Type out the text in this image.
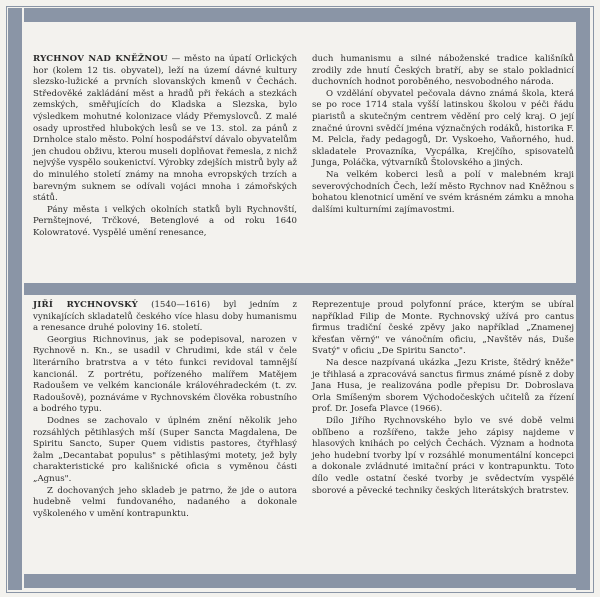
RYCHNOV NAD KNĚŽNOU — město na úpatí Orlických hor (kolem 12 tis. obyvatel), leží na území dávné kultury slezsko-lužické a prvních slovanských kmenů v Čechách. Středověké zakládání měst a hradů při řekách a stezkách zemských, směřujících do Kladska a Slezska, bylo výsledkem mohutné kolonizace vlády Přemyslovců. Z malé osady uprostřed hlubokých lesů se ve 13. stol. za pánů z Drnholce stalo město. Polní hospodářství dávalo obyvatelům jen chudou obživu, kterou museli doplňovat řemesla, z nichž nejvýše vyspělo soukenictví. Výrobky zdejších mistrů byly až do minulého století známy na mnoha evropských trzích a barevným suknem se odívali vojáci mnoha i zámořských států.

Pány města i velkých okolních statků byli Rychnovští, Pernštejnové, Trčkové, Betenglové a od roku 1640 Kolowratové. Vyspělé umění renesance,

duch humanismu a silné náboženské tradice kališníků zrodily zde hnutí Českých bratří, aby se stalo pokladnicí duchovních hodnot poroběného, nesvobodného národa.

O vzdělání obyvatel pečovala dávno známá škola, která se po roce 1714 stala vyšší latinskou školou v péči řádu piaristů a skutečným centrem vědění pro celý kraj. O její značné úrovni svědčí jména význačných rodáků, historika F. M. Pelcla, řady pedagogů, Dr. Vyskoeho, Vaňorného, hud. skladatele Provazníka, Vycpálka, Krejčího, spisovatelů Junga, Poláčka, výtvarníků Štolovského a jiných.

Na velkém koberci lesů a polí v malebném kraji severovýchodních Čech, leží město Rychnov nad Kněžnou s bohatou klenotnicí umění ve svém krásném zámku a mnoha dalšími kulturními zajímavostmi.

JIŘÍ RYCHNOVSKÝ (1540—1616) byl jedním z vynikajících skladatelů českého více hlasu doby humanismu a renesance druhé poloviny 16. století.

Georgius Richnovinus, jak se podepisoval, narozen v Rychnově n. Kn., se usadil v Chrudimi, kde stál v čele literárního bratrstva a v této funkci revidoval tamnější kancionál. Z portrétu, pořízeného malířem Matějem Radoušem ve velkém kancionále královéhradeckém (t. zv. Radoušově), poznáváme v Rychnovském člověka robustního a bodrého typu.

Dodnes se zachovalo v úplném znění několik jeho rozsáhlých pětihlasých mší (Super Sancta Magdalena, De Spiritu Sancto, Super Quem vidistis pastores, čtyřhlasý žalm „Decantabat populus" s pětihlasými motety, jež byly charakteristické pro kališnické oficia s vyměnou části „Agnus".

Z dochovaných jeho skladeb je patrno, že jde o autora hudebně velmi fundovaného, nadaného a dokonale vyškoleného v umění kontrapunktu.

Reprezentuje proud polyfonní práce, kterým se ubíral například Filip de Monte. Rychnovský užívá pro cantus firmus tradiční české zpěvy jako například „Znamenej křesťan věrný" ve vánočním oficiu, „Navštěv nás, Duše Svatý" v oficiu „De Spiritu Sancto".

Na desce nazpívaná ukázka „Jezu Kriste, štědrý kněže" je třihlasá a zpracovává sanctus firmus známé písně z doby Jana Husa, je realizována podle přepisu Dr. Dobroslava Orla Smíšeným sborem Východočeských učitelů za řízení prof. Dr. Josefa Plavce (1966).

Dílo Jiřího Rychnovského bylo ve své době velmi obľíbeno a rozšířeno, takže jeho zápisy najdeme v hlasových knihách po celých Čechách. Význam a hodnota jeho hudební tvorby lpí v rozsáhlé monumentální koncepci a dokonale zvládnuté imitační práci v kontrapunktu. Toto dílo vedle ostatní české tvorby je svědectvím vyspělé sborové a pěvecké techniky českých literátských bratrstev.
